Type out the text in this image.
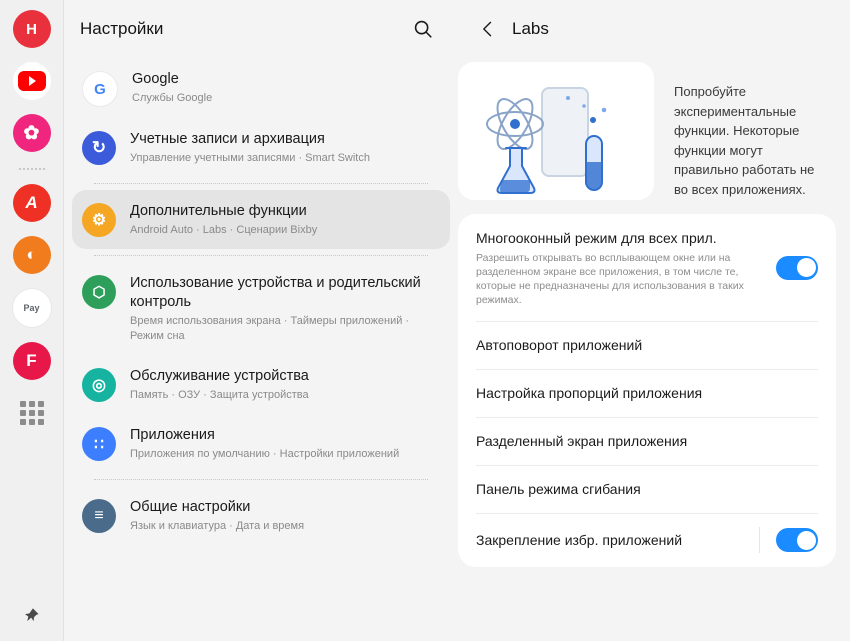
H
✿
A
◐
Pay
F
Настройки
G
Google
Службы Google
↻ Учетные записи и архивация
Управление учетными записями · Smart Switch
⚙
Дополнительные функции
Android Auto · Labs · Сценарии Bixby
⬡
Использование устройства и родительский контроль
Время использования экрана · Таймеры приложений · Режим сна
◎
Обслуживание устройства
Память · ОЗУ · Защита устройства
∷
Приложения
Приложения по умолчанию · Настройки приложений
≡ Общие настройки
Язык и клавиатура · Дата и время
Labs
Попробуйте экспериментальные функции. Некоторые функции могут правильно работать не во всех приложениях.
Многооконный режим для всех прил.
Разрешить открывать во всплывающем окне или на разделенном экране все приложения, в том числе те, которые не предназначены для использования в таких режимах.
Автоповорот приложений
Настройка пропорций приложения
Разделенный экран приложения
Панель режима сгибания
Закрепление избр. приложений
